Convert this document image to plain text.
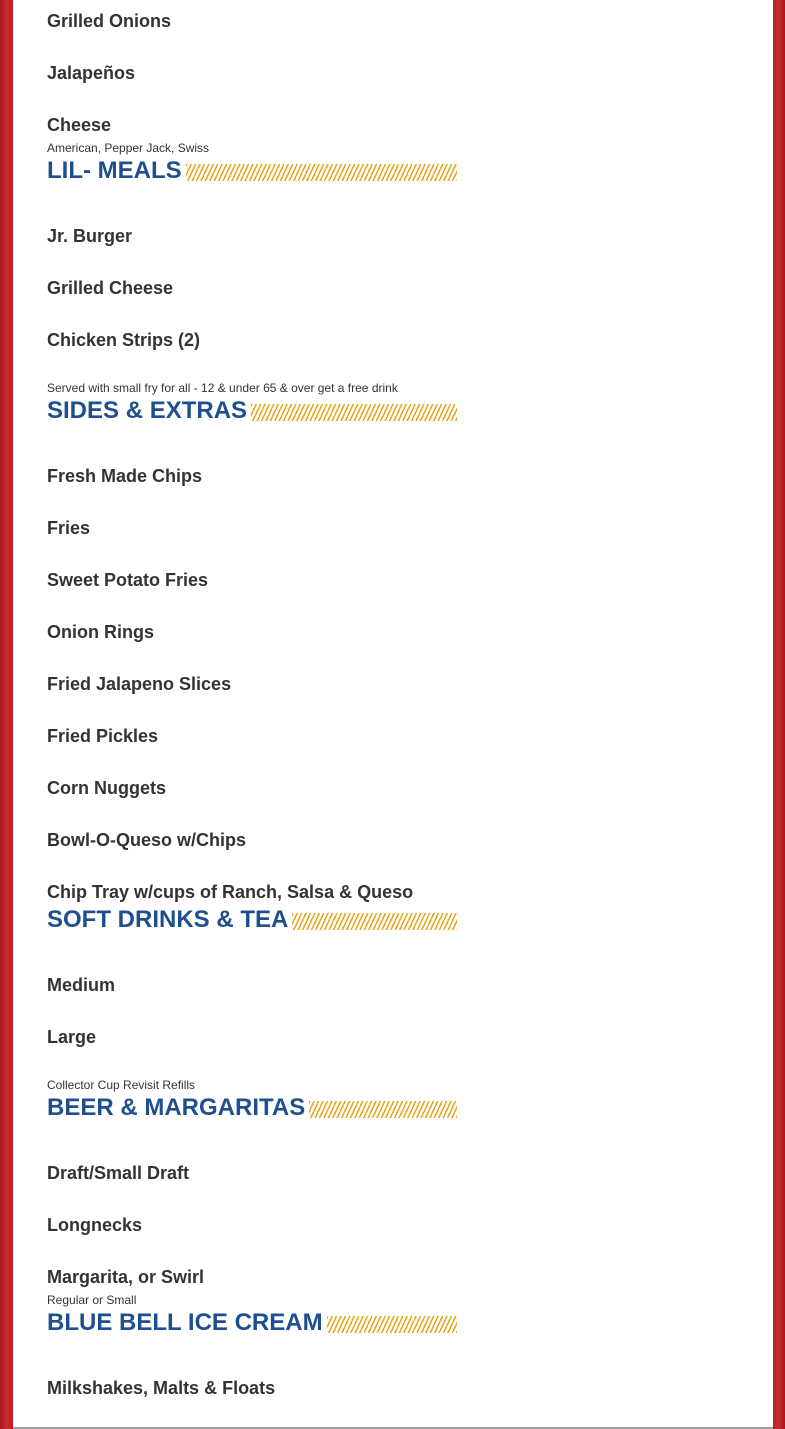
Grilled Onions
Jalapeños
Cheese
American, Pepper Jack, Swiss
LIL- MEALS
Jr. Burger
Grilled Cheese
Chicken Strips (2)
Served with small fry for all - 12 & under 65 & over get a free drink
SIDES & EXTRAS
Fresh Made Chips
Fries
Sweet Potato Fries
Onion Rings
Fried Jalapeno Slices
Fried Pickles
Corn Nuggets
Bowl-O-Queso w/Chips
Chip Tray w/cups of Ranch, Salsa & Queso
SOFT DRINKS & TEA
Medium
Large
Collector Cup Revisit Refills
BEER & MARGARITAS
Draft/Small Draft
Longnecks
Margarita, or Swirl
Regular or Small
BLUE BELL ICE CREAM
Milkshakes, Malts & Floats
